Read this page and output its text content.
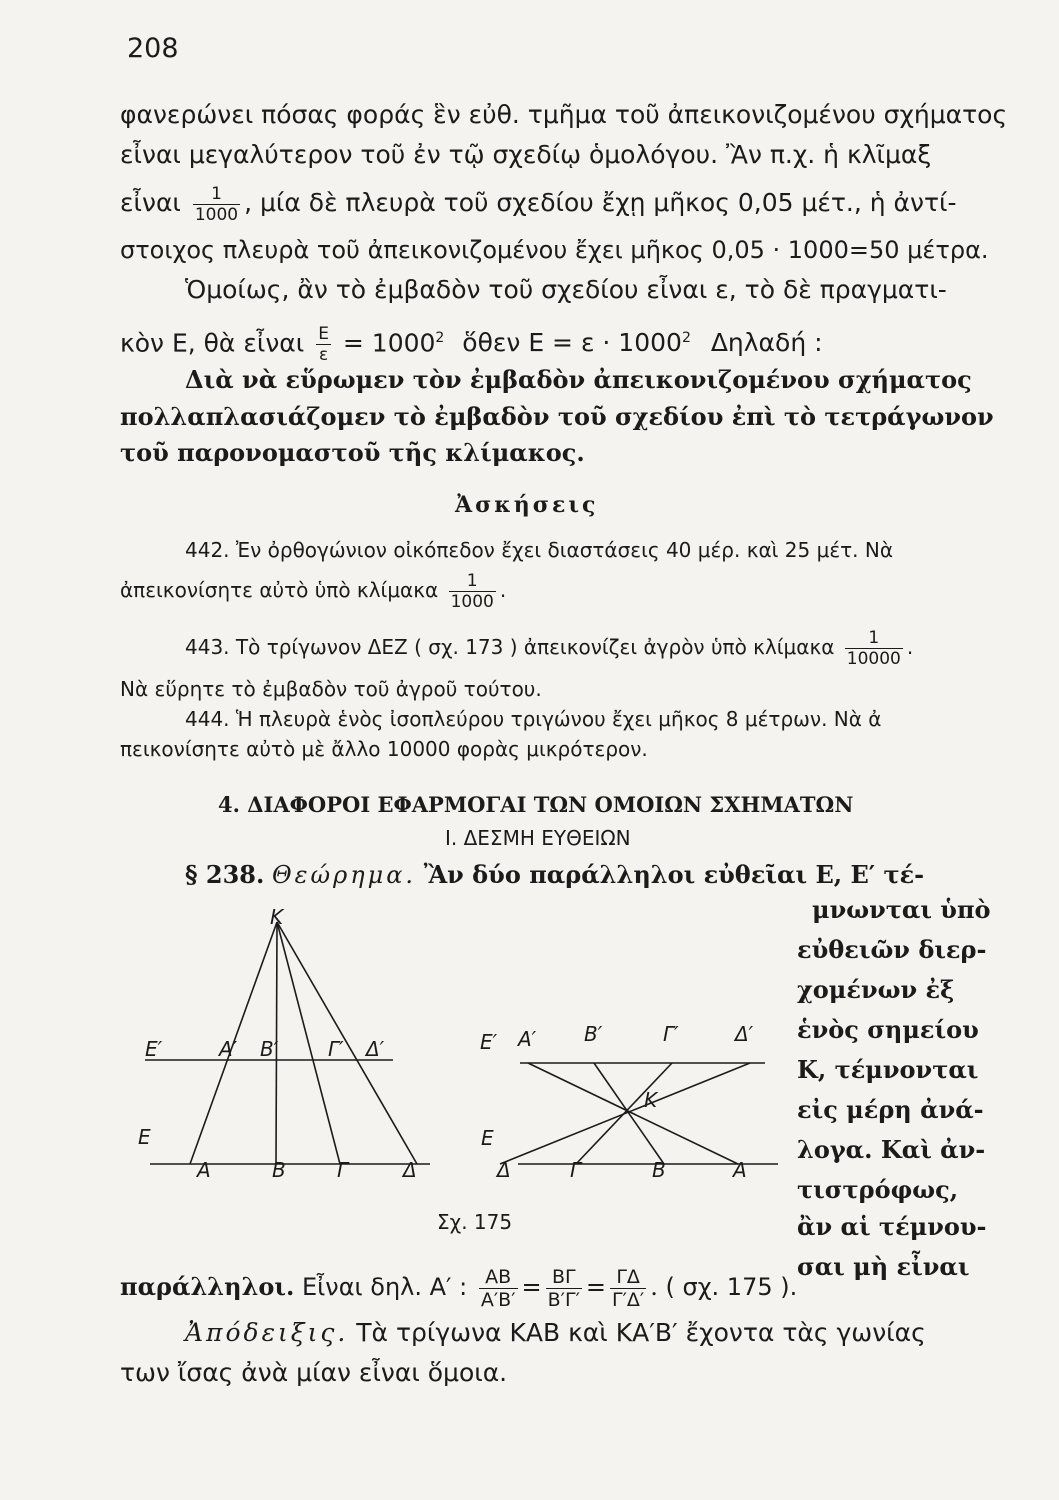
208
φανερώνει πόσας φοράς ἓν εὐθ. τμῆμα τοῦ ἀπεικονιζομένου σχήματος
εἶναι μεγαλύτερον τοῦ ἐν τῷ σχεδίῳ ὁμολόγου. Ἂν π.χ. ἡ κλῖμαξ
εἶναι $\frac{1}{1000}$ , μία δὲ πλευρὰ τοῦ σχεδίου ἔχῃ μῆκος 0,05 μέτ., ἡ ἀντί-
στοιχος πλευρὰ τοῦ ἀπεικονιζομένου ἔχει μῆκος 0,05 · 1000=50 μέτρα.
Ὁμοίως, ἂν τὸ ἐμβαδὸν τοῦ σχεδίου εἶναι ε, τὸ δὲ πραγματι-
κὸν Ε, θὰ εἶναι $\frac{E}{\varepsilon} = 1000^2$ ὅθεν $E = \varepsilon \cdot 1000^2$ Δηλαδή :
Διὰ νὰ εὕρωμεν τὸν ἐμβαδὸν ἀπεικονιζομένου σχήματος
πολλαπλασιάζομεν τὸ ἐμβαδὸν τοῦ σχεδίου ἐπὶ τὸ τετράγωνον
τοῦ παρονομαστοῦ τῆς κλίμακος.
Ἀσκήσεις
442. Ἐν ὀρθογώνιον οἰκόπεδον ἔχει διαστάσεις 40 μέρ. καὶ 25 μέτ. Νὰ
ἀπεικονίσητε αὐτὸ ὑπὸ κλίμακα $\frac{1}{1000}$ .
443. Τὸ τρίγωνον ΔΕΖ ( σχ. 173 ) ἀπεικονίζει ἀγρὸν ὑπὸ κλίμακα $\frac{1}{10000}$ .
Νὰ εὕρητε τὸ ἐμβαδὸν τοῦ ἀγροῦ τούτου.
444. Ἡ πλευρὰ ἑνὸς ἰσοπλεύρου τριγώνου ἔχει μῆκος 8 μέτρων. Νὰ ἀ
πεικονίσητε αὐτὸ μὲ ἄλλο 10000 φορὰς μικρότερον.
4. ΔΙΑΦΟΡΟΙ ΕΦΑΡΜΟΓΑΙ ΤΩΝ ΟΜΟΙΩΝ ΣΧΗΜΑΤΩΝ
Ι. ΔΕΣΜΗ ΕΥΘΕΙΩΝ
§ 238. Θεώρημα. Ἂν δύο παράλληλοι εὐθεῖαι Ε, Ε′ τέ-
μνωνται ὑπὸ
εὐθειῶν διερ-
χομένων ἐξ
ἑνὸς σημείου
Κ, τέμνονται
εἰς μέρη ἀνά-
λογα. Καὶ ἀν-
τιστρόφως,
ἂν αἱ τέμνου-
σαι μὴ εἶναι
Κ
Ε′	Α′ Β′ Γ′ Δ′
Ε
Α	Β	Γ	Δ
Ε′ Α′ Β′	Γ′	Δ′
Κ
Ε
Δ	Γ	Β	Α
Σχ. 175
παράλληλοι. Εἶναι δηλ. Α′ : $\frac{AB}{A'B'} = \frac{B\Gamma}{B'\Gamma'} = \frac{\Gamma\Delta}{\Gamma'\Delta'}$ . ( σχ. 175 ).
Ἀπόδειξις. Τὰ τρίγωνα ΚΑΒ καὶ ΚΑ′Β′ ἔχοντα τὰς γωνίας
των ἴσας ἀνὰ μίαν εἶναι ὅμοια.
